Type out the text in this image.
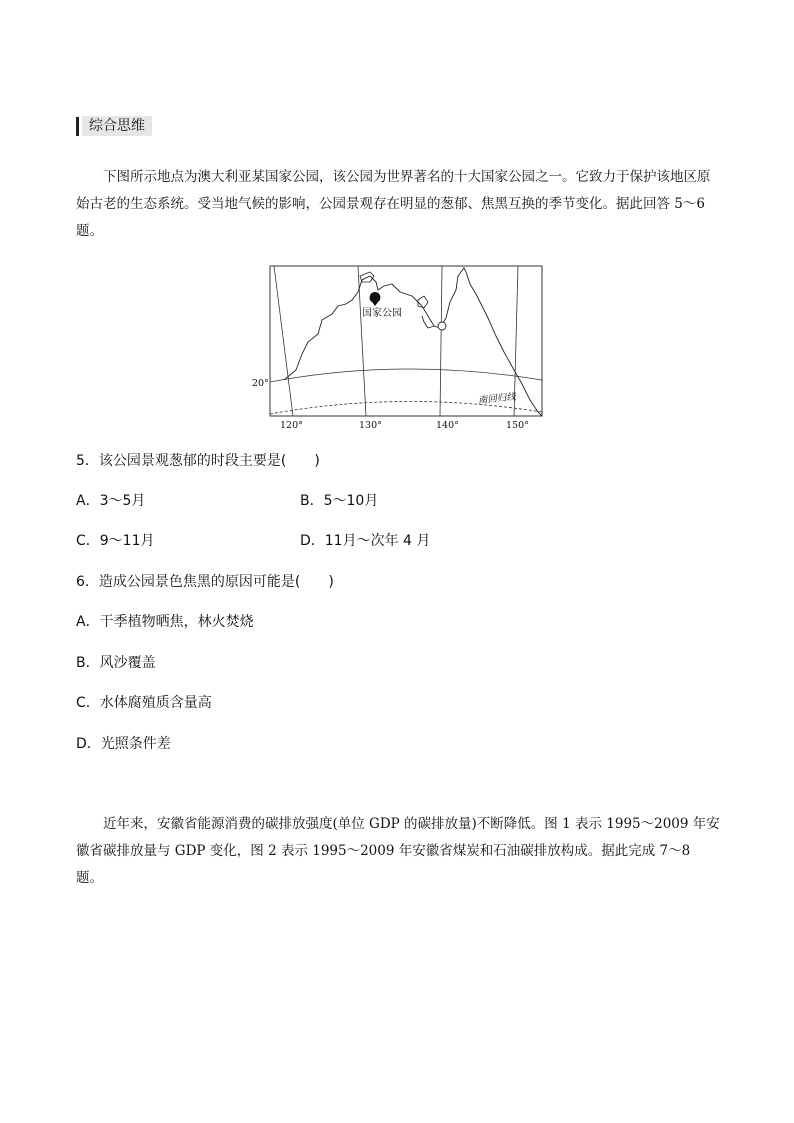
综合思维

下图所示地点为澳大利亚某国家公园，该公园为世界著名的十大国家公园之一。它致力于保护该地区原始古老的生态系统。受当地气候的影响，公园景观存在明显的葱郁、焦黑互换的季节变化。据此回答 5～6题。

国家公园
南回归线
20°
120°	130°	140°	150°
5．该公园景观葱郁的时段主要是(　　)
A．3～5月	B．5～10月
C．9～11月	D．11月～次年 4 月
6．造成公园景色焦黑的原因可能是(　　)
A．干季植物晒焦，林火焚烧
B．风沙覆盖
C．水体腐殖质含量高
D．光照条件差

近年来，安徽省能源消费的碳排放强度(单位 GDP 的碳排放量)不断降低。图 1 表示 1995～2009 年安徽省碳排放量与 GDP 变化，图 2 表示 1995～2009 年安徽省煤炭和石油碳排放构成。据此完成 7～8 题。
